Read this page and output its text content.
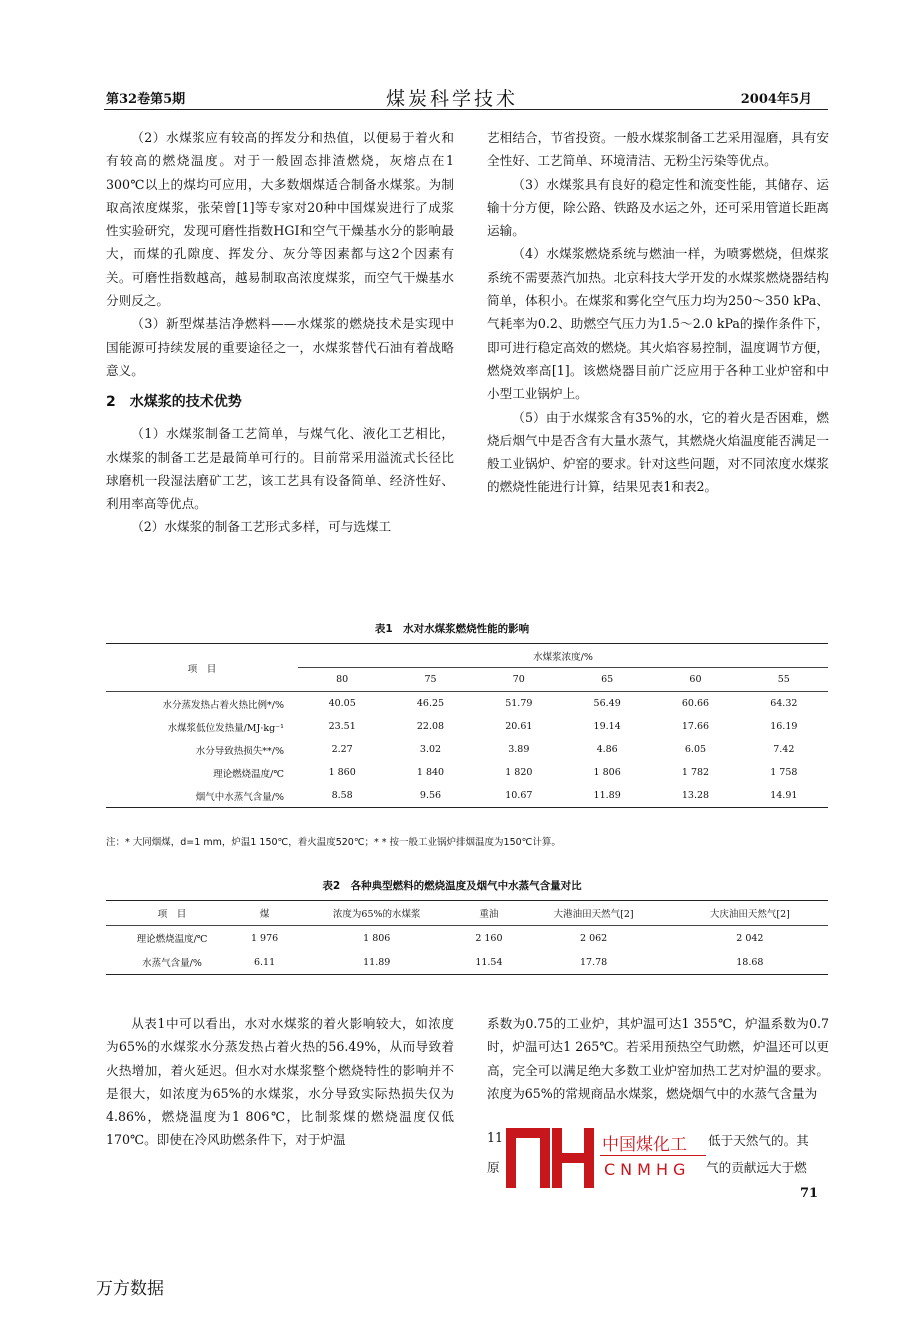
第32卷第5期	煤炭科学技术	2004年5月

（2）水煤浆应有较高的挥发分和热值，以便易于着火和有较高的燃烧温度。对于一般固态排渣燃烧，灰熔点在1 300℃以上的煤均可应用，大多数烟煤适合制备水煤浆。为制取高浓度煤浆，张荣曾[1]等专家对20种中国煤炭进行了成浆性实验研究，发现可磨性指数HGI和空气干燥基水分的影响最大，而煤的孔隙度、挥发分、灰分等因素都与这2个因素有关。可磨性指数越高，越易制取高浓度煤浆，而空气干燥基水分则反之。

（3）新型煤基洁净燃料——水煤浆的燃烧技术是实现中国能源可持续发展的重要途径之一，水煤浆替代石油有着战略意义。

2　水煤浆的技术优势

（1）水煤浆制备工艺简单，与煤气化、液化工艺相比，水煤浆的制备工艺是最简单可行的。目前常采用溢流式长径比球磨机一段湿法磨矿工艺，该工艺具有设备简单、经济性好、利用率高等优点。

（2）水煤浆的制备工艺形式多样，可与选煤工

艺相结合，节省投资。一般水煤浆制备工艺采用湿磨，具有安全性好、工艺简单、环境清洁、无粉尘污染等优点。

（3）水煤浆具有良好的稳定性和流变性能，其储存、运输十分方便，除公路、铁路及水运之外，还可采用管道长距离运输。

（4）水煤浆燃烧系统与燃油一样，为喷雾燃烧，但煤浆系统不需要蒸汽加热。北京科技大学开发的水煤浆燃烧器结构简单，体积小。在煤浆和雾化空气压力均为250～350 kPa、气耗率为0.2、助燃空气压力为1.5～2.0 kPa的操作条件下，即可进行稳定高效的燃烧。其火焰容易控制，温度调节方便，燃烧效率高[1]。该燃烧器目前广泛应用于各种工业炉窑和中小型工业锅炉上。

（5）由于水煤浆含有35%的水，它的着火是否困难，燃烧后烟气中是否含有大量水蒸气，其燃烧火焰温度能否满足一般工业锅炉、炉窑的要求。针对这些问题，对不同浓度水煤浆的燃烧性能进行计算，结果见表1和表2。

表1　水对水煤浆燃烧性能的影响
项　目	水煤浆浓度/%					
	80	75	70	65	60	55
水分蒸发热占着火热比例*/%	40.05	46.25	51.79	56.49	60.66	64.32
水煤浆低位发热量/MJ·kg⁻¹	23.51	22.08	20.61	19.14	17.66	16.19
水分导致热损失**/%	2.27	3.02	3.89	4.86	6.05	7.42
理论燃烧温度/℃	1 860	1 840	1 820	1 806	1 782	1 758
烟气中水蒸气含量/%	8.58	9.56	10.67	11.89	13.28	14.91
注：* 大同烟煤，d=1 mm，炉温1 150℃，着火温度520℃；* * 按一般工业锅炉排烟温度为150℃计算。
表2　各种典型燃料的燃烧温度及烟气中水蒸气含量对比
项　目	煤	浓度为65%的水煤浆	重油	大港油田天然气[2]	大庆油田天然气[2]
理论燃烧温度/℃	1 976	1 806	2 160	2 062	2 042
水蒸气含量/%	6.11	11.89	11.54	17.78	18.68

从表1中可以看出，水对水煤浆的着火影响较大，如浓度为65%的水煤浆水分蒸发热占着火热的56.49%，从而导致着火热增加，着火延迟。但水对水煤浆整个燃烧特性的影响并不是很大，如浓度为65%的水煤浆，水分导致实际热损失仅为4.86%，燃烧温度为1 806℃，比制浆煤的燃烧温度仅低170℃。即使在冷风助燃条件下，对于炉温

系数为0.75的工业炉，其炉温可达1 355℃，炉温系数为0.7时，炉温可达1 265℃。若采用预热空气助燃，炉温还可以更高，完全可以满足绝大多数工业炉窑加热工艺对炉温的要求。浓度为65%的常规商品水煤浆，燃烧烟气中的水蒸气含量为

11	低于天然气的。其
原	气的贡献远大于燃
中国煤化工
CNMHG
71
万方数据
